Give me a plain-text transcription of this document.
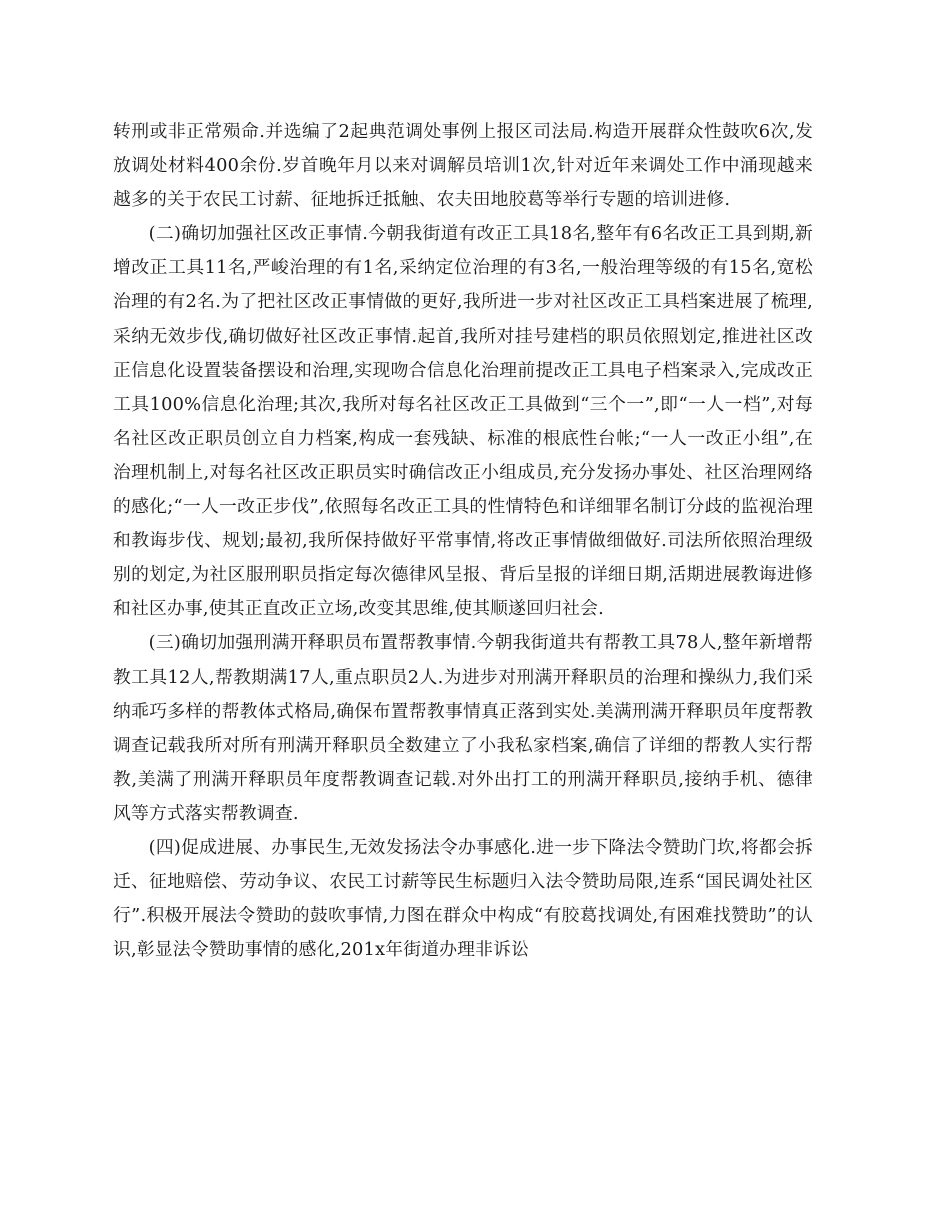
转刑或非正常殒命.并选编了2起典范调处事例上报区司法局.构造开展群众性鼓吹6次,发放调处材料400余份.岁首晚年月以来对调解员培训1次,针对近年来调处工作中涌现越来越多的关于农民工讨薪、征地拆迁抵触、农夫田地胶葛等举行专题的培训进修.

(二)确切加强社区改正事情.今朝我街道有改正工具18名,整年有6名改正工具到期,新增改正工具11名,严峻治理的有1名,采纳定位治理的有3名,一般治理等级的有15名,宽松治理的有2名.为了把社区改正事情做的更好,我所进一步对社区改正工具档案进展了梳理,采纳无效步伐,确切做好社区改正事情.起首,我所对挂号建档的职员依照划定,推进社区改正信息化设置装备摆设和治理,实现吻合信息化治理前提改正工具电子档案录入,完成改正工具100%信息化治理;其次,我所对每名社区改正工具做到“三个一”,即“一人一档”,对每名社区改正职员创立自力档案,构成一套残缺、标准的根底性台帐;“一人一改正小组”,在治理机制上,对每名社区改正职员实时确信改正小组成员,充分发扬办事处、社区治理网络的感化;“一人一改正步伐”,依照每名改正工具的性情特色和详细罪名制订分歧的监视治理和教诲步伐、规划;最初,我所保持做好平常事情,将改正事情做细做好.司法所依照治理级别的划定,为社区服刑职员指定每次德律风呈报、背后呈报的详细日期,活期进展教诲进修和社区办事,使其正直改正立场,改变其思维,使其顺遂回归社会.

(三)确切加强刑满开释职员布置帮教事情.今朝我街道共有帮教工具78人,整年新增帮教工具12人,帮教期满17人,重点职员2人.为进步对刑满开释职员的治理和操纵力,我们采纳乖巧多样的帮教体式格局,确保布置帮教事情真正落到实处.美满刑满开释职员年度帮教调查记载我所对所有刑满开释职员全数建立了小我私家档案,确信了详细的帮教人实行帮教,美满了刑满开释职员年度帮教调查记载.对外出打工的刑满开释职员,接纳手机、德律风等方式落实帮教调查.

(四)促成进展、办事民生,无效发扬法令办事感化.进一步下降法令赞助门坎,将都会拆迁、征地赔偿、劳动争议、农民工讨薪等民生标题归入法令赞助局限,连系“国民调处社区行”.积极开展法令赞助的鼓吹事情,力图在群众中构成“有胶葛找调处,有困难找赞助”的认识,彰显法令赞助事情的感化,201x年街道办理非诉讼
